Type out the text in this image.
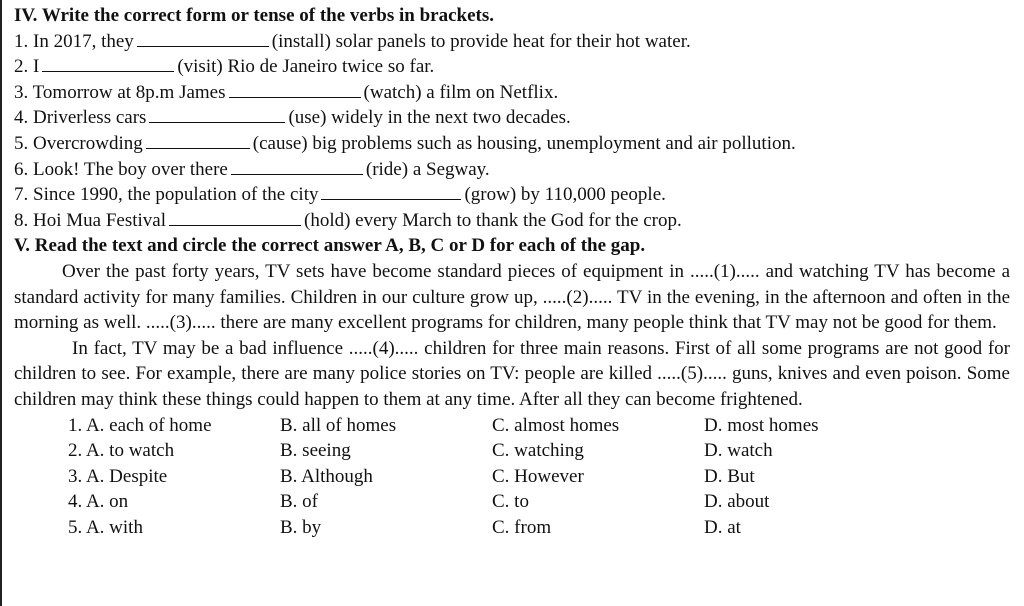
IV. Write the correct form or tense of the verbs in brackets.
1. In 2017, they	(install) solar panels to provide heat for their hot water.
2. I	(visit) Rio de Janeiro twice so far.
3. Tomorrow at 8p.m James	(watch) a film on Netflix.
4. Driverless cars	(use) widely in the next two decades.
5. Overcrowding	(cause) big problems such as housing, unemployment and air pollution.
6. Look! The boy over there	(ride) a Segway.
7. Since 1990, the population of the city	(grow) by 110,000 people.
8. Hoi Mua Festival	(hold) every March to thank the God for the crop.
V. Read the text and circle the correct answer A, B, C or D for each of the gap.
Over the past forty years, TV sets have become standard pieces of equipment in .....(1)..... and watching TV has become a standard activity for many families. Children in our culture grow up, .....(2)..... TV in the evening, in the afternoon and often in the morning as well. .....(3)..... there are many excellent programs for children, many people think that TV may not be good for them.
In fact, TV may be a bad influence .....(4)..... children for three main reasons. First of all some programs are not good for children to see. For example, there are many police stories on TV: people are killed .....(5)..... guns, knives and even poison. Some children may think these things could happen to them at any time. After all they can become frightened.
1. A. each of home	B. all of homes	C. almost homes	D. most homes
2. A. to watch	B. seeing	C. watching	D. watch
3. A. Despite	B. Although	C. However	D. But
4. A. on	B. of	C. to	D. about
5. A. with	B. by	C. from	D. at
